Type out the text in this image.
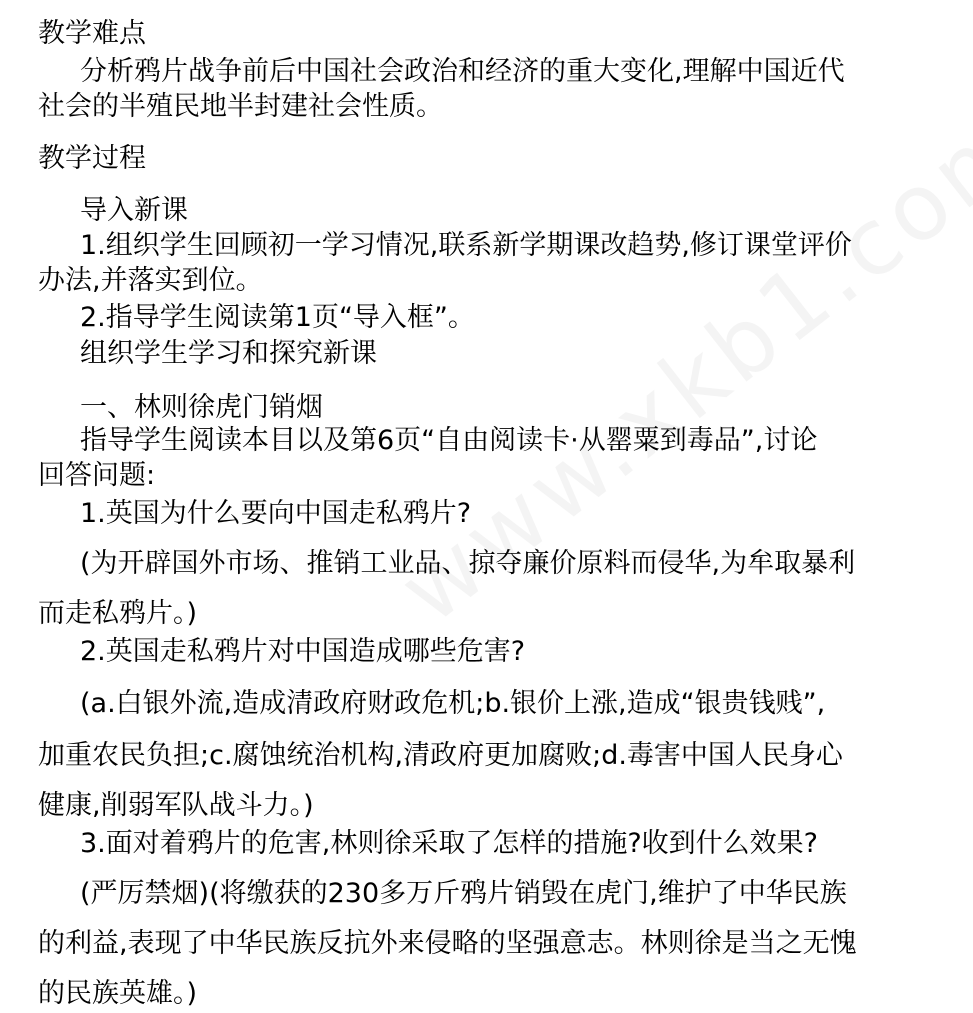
教学难点
分析鸦片战争前后中国社会政治和经济的重大变化,理解中国近代
社会的半殖民地半封建社会性质。
教学过程
导入新课
1.组织学生回顾初一学习情况,联系新学期课改趋势,修订课堂评价
办法,并落实到位。
2.指导学生阅读第1页“导入框”。
组织学生学习和探究新课
一、林则徐虎门销烟
指导学生阅读本目以及第6页“自由阅读卡·从罂粟到毒品”,讨论
回答问题:
1.英国为什么要向中国走私鸦片?
(为开辟国外市场、推销工业品、掠夺廉价原料而侵华,为牟取暴利
而走私鸦片。)
2.英国走私鸦片对中国造成哪些危害?
(a.白银外流,造成清政府财政危机;b.银价上涨,造成“银贵钱贱”,
加重农民负担;c.腐蚀统治机构,清政府更加腐败;d.毒害中国人民身心
健康,削弱军队战斗力。)
3.面对着鸦片的危害,林则徐采取了怎样的措施?收到什么效果?
(严厉禁烟)(将缴获的230多万斤鸦片销毁在虎门,维护了中华民族
的利益,表现了中华民族反抗外来侵略的坚强意志。林则徐是当之无愧
的民族英雄。)
